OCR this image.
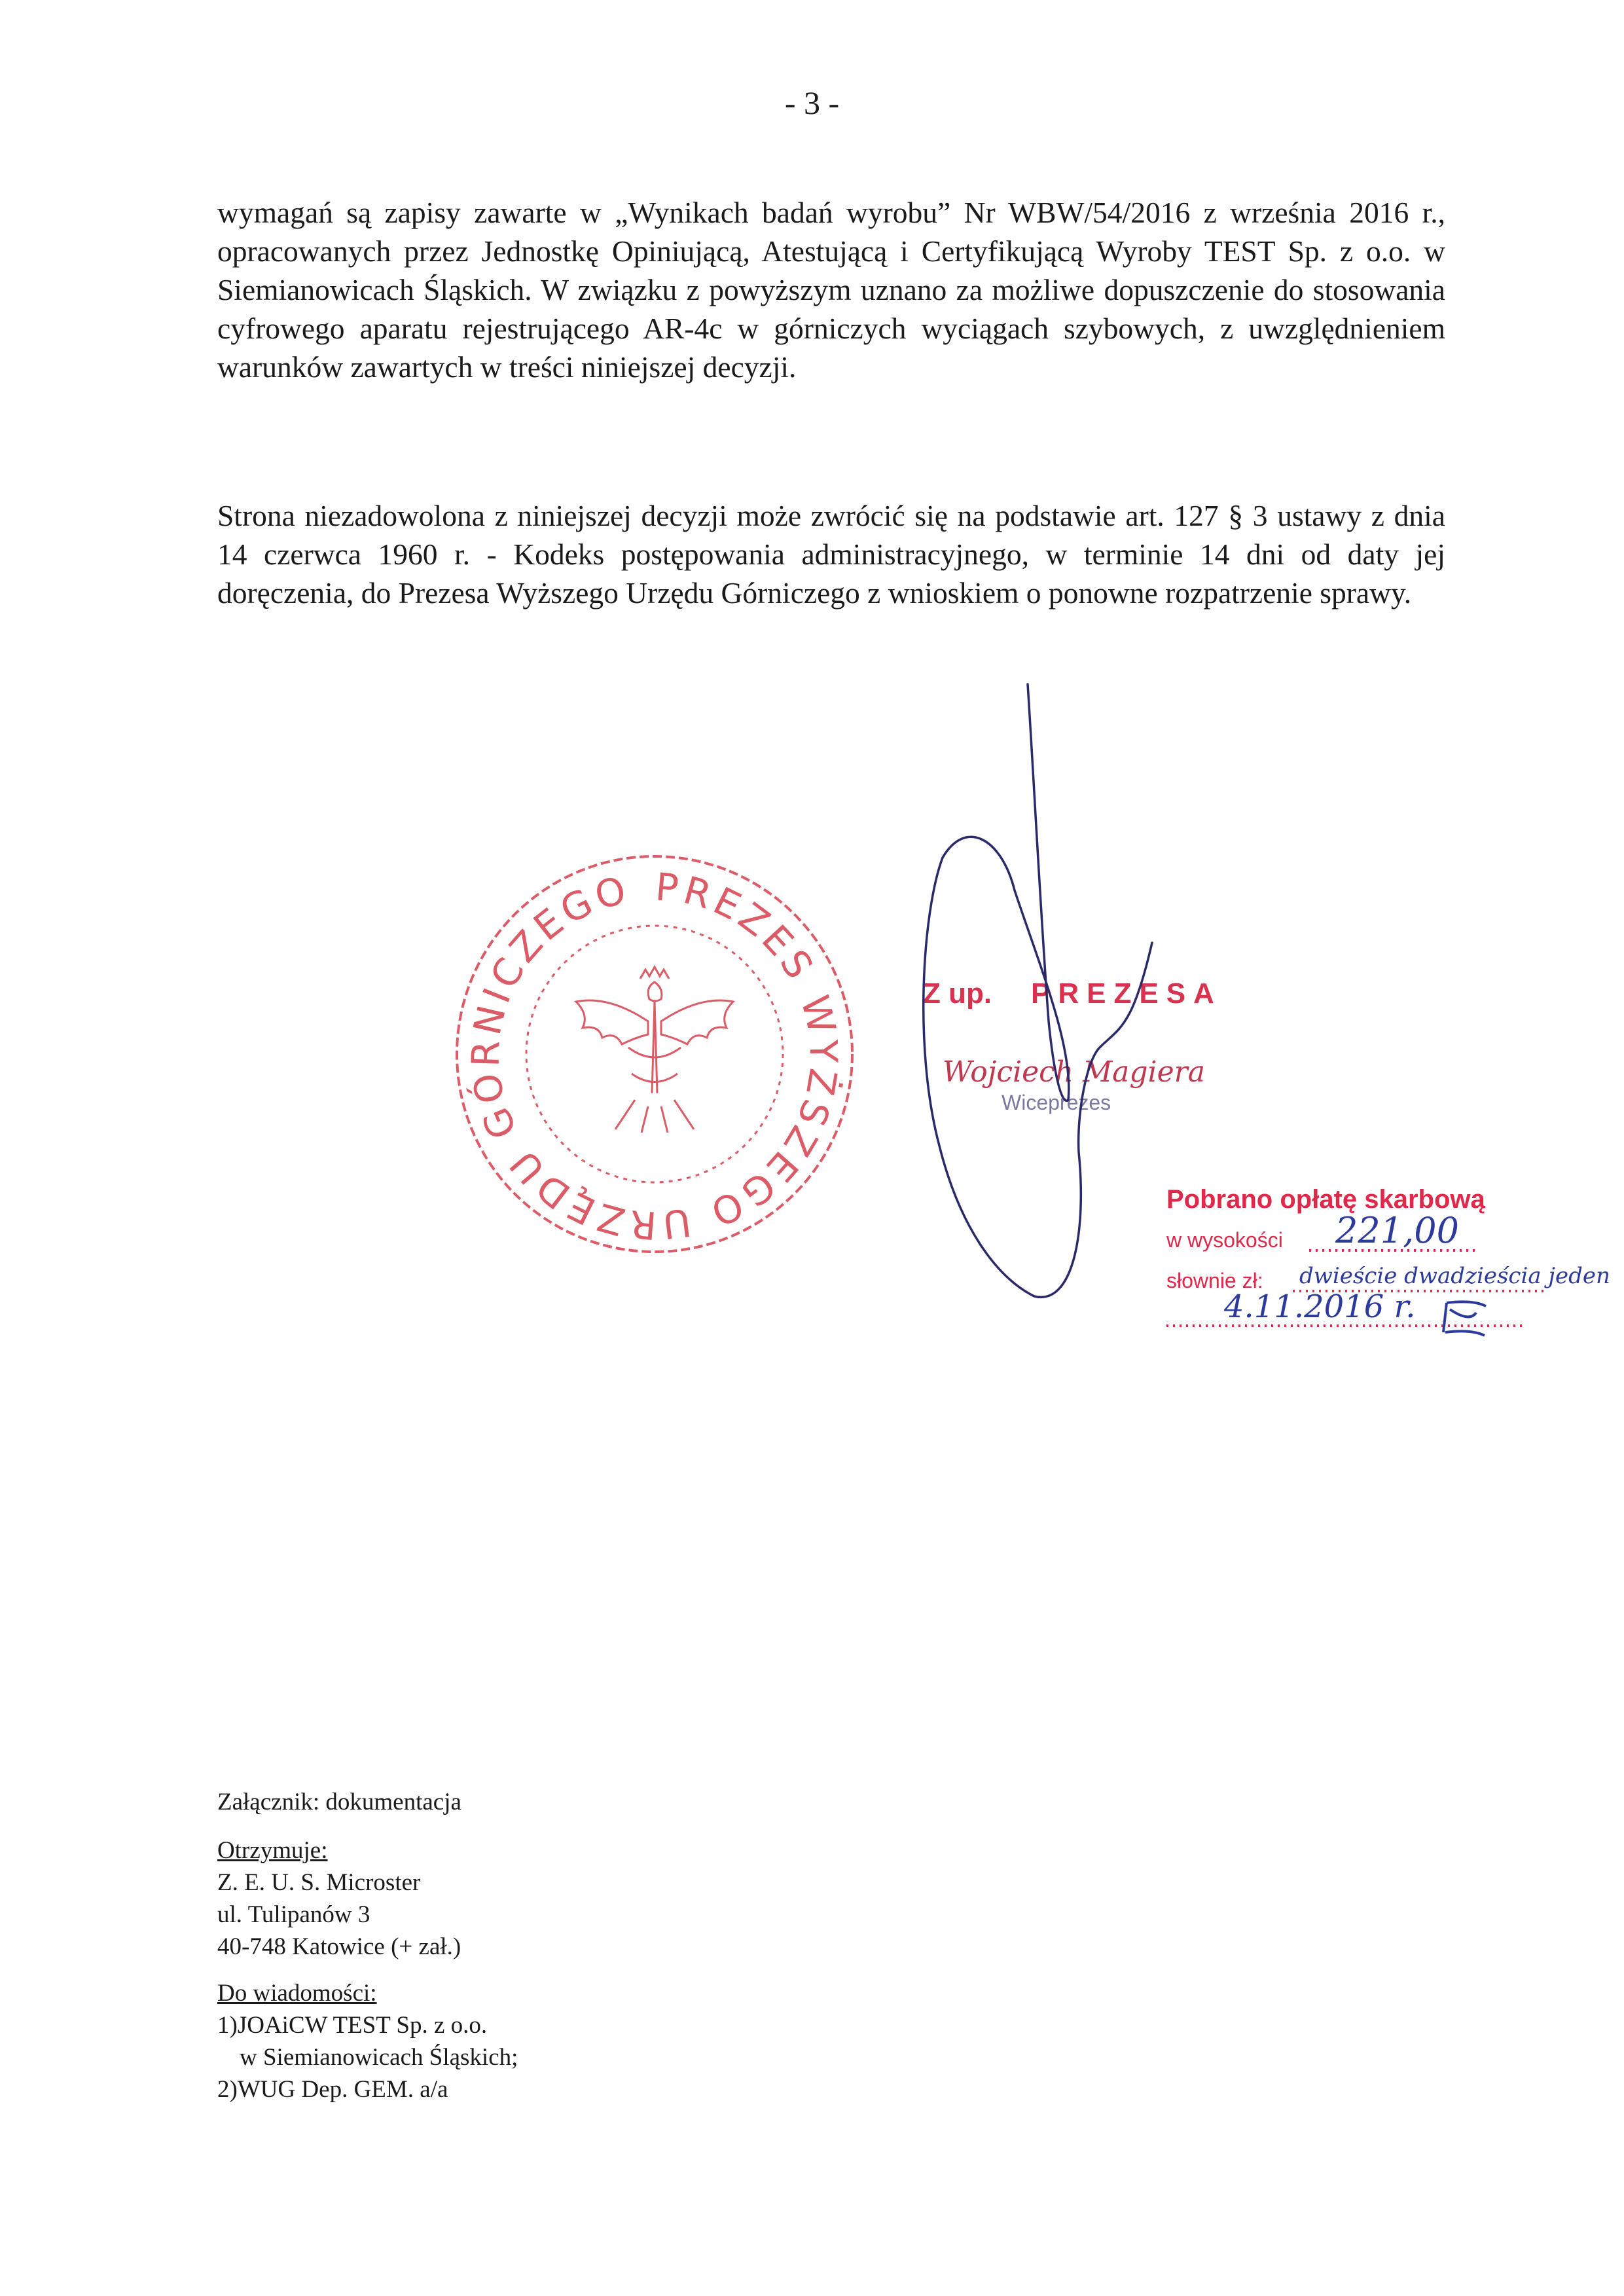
- 3 -
wymagań są zapisy zawarte w „Wynikach badań wyrobu” Nr WBW/54/2016 z września 2016 r., opracowanych przez Jednostkę Opiniującą, Atestującą i Certyfikującą Wyroby TEST Sp. z o.o. w Siemianowicach Śląskich. W związku z powyższym uznano za możliwe dopuszczenie do stosowania cyfrowego aparatu rejestrującego AR-4c w górniczych wyciągach szybowych, z uwzględnieniem warunków zawartych w treści niniejszej decyzji.
Strona niezadowolona z niniejszej decyzji może zwrócić się na podstawie art. 127 § 3 ustawy z dnia 14 czerwca 1960 r. - Kodeks postępowania administracyjnego, w terminie 14 dni od daty jej doręczenia, do Prezesa Wyższego Urzędu Górniczego z wnioskiem o ponowne rozpatrzenie sprawy.
PREZES WYŻSZEGO URZĘDU GÓRNICZEGO
Z up. PREZESA
Wojciech Magiera
Wiceprezes
Pobrano opłatę skarbową
w wysokości 221,00
słownie zł: dwieście dwadzieścia jeden
4.11.2016 r.
Załącznik: dokumentacja
Otrzymuje:
Z. E. U. S. Microster
ul. Tulipanów 3
40-748 Katowice (+ zał.)
Do wiadomości:
1)JOAiCW TEST Sp. z o.o.
w Siemianowicach Śląskich;
2)WUG Dep. GEM. a/a
